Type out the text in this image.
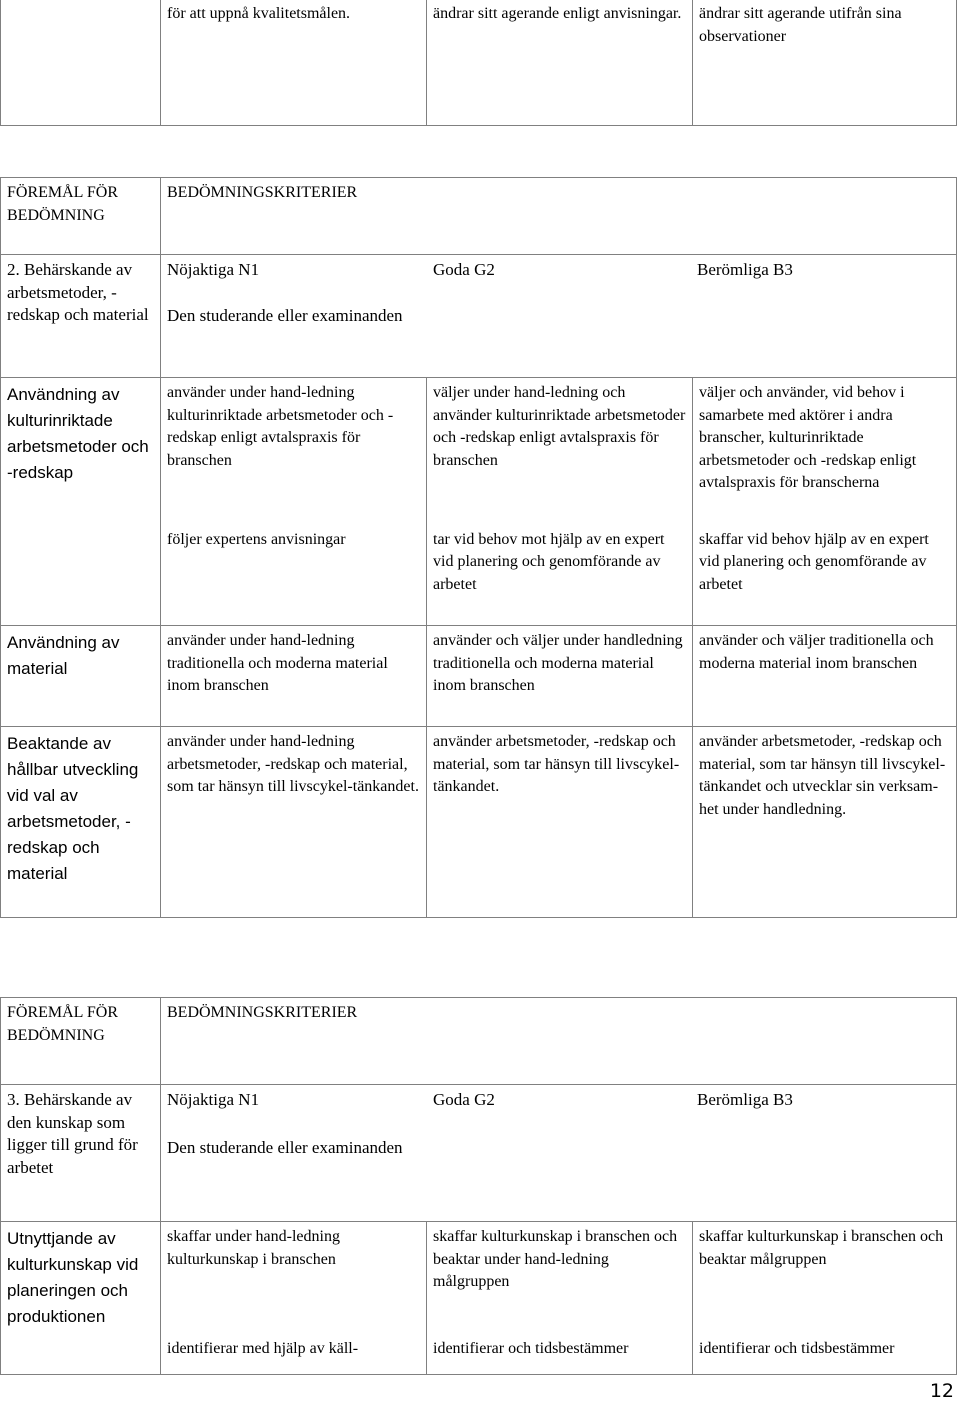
	för att uppnå kvalitetsmålen.	ändrar sitt agerande enligt anvisningar.	ändrar sitt agerande utifrån sina observationer
FÖREMÅL FÖR BEDÖMNING	BEDÖMNINGSKRITERIER		
2. Behärskande av arbetsmetoder, -redskap och material	Nöjaktiga N1 Goda G2 Berömliga B3
Den studerande eller examinanden		

Användning av kulturinriktade arbetsmetoder och -redskap	använder under hand-ledning kulturinriktade arbetsmetoder och -redskap enligt avtalspraxis för branschen	väljer under hand-ledning och använder kulturinriktade arbetsmetoder och -redskap enligt avtalspraxis för branschen	väljer och använder, vid behov i samarbete med aktörer i andra branscher, kulturinriktade arbetsmetoder och -redskap enligt avtalspraxis för branscherna
	följer expertens anvisningar	tar vid behov mot hjälp av en expert vid planering och genomförande av arbetet	skaffar vid behov hjälp av en expert vid planering och genomförande av arbetet
Användning av material	använder under hand-ledning traditionella och moderna material inom branschen	använder och väljer under handledning traditionella och moderna material inom branschen	använder och väljer traditionella och moderna material inom branschen
Beaktande av hållbar utveckling vid val av arbetsmetoder, -redskap och material	använder under hand-ledning arbetsmetoder, -redskap och material, som tar hänsyn till livscykel-tänkandet.	använder arbetsmetoder, -redskap och material, som tar hänsyn till livscykel-tänkandet.	använder arbetsmetoder, -redskap och material, som tar hänsyn till livscykel-tänkandet och utvecklar sin verksam-het under handledning.
FÖREMÅL FÖR BEDÖMNING	BEDÖMNINGSKRITERIER		
3. Behärskande av den kunskap som ligger till grund för arbetet	Nöjaktiga N1 Goda G2 Berömliga B3
Den studerande eller examinanden		

Utnyttjande av kulturkunskap vid planeringen och produktionen	skaffar under hand-ledning kulturkunskap i branschen	skaffar kulturkunskap i branschen och beaktar under hand-ledning målgruppen	skaffar kulturkunskap i branschen och beaktar målgruppen
	identifierar med hjälp av käll-	identifierar och tidsbestämmer	identifierar och tidsbestämmer
12
